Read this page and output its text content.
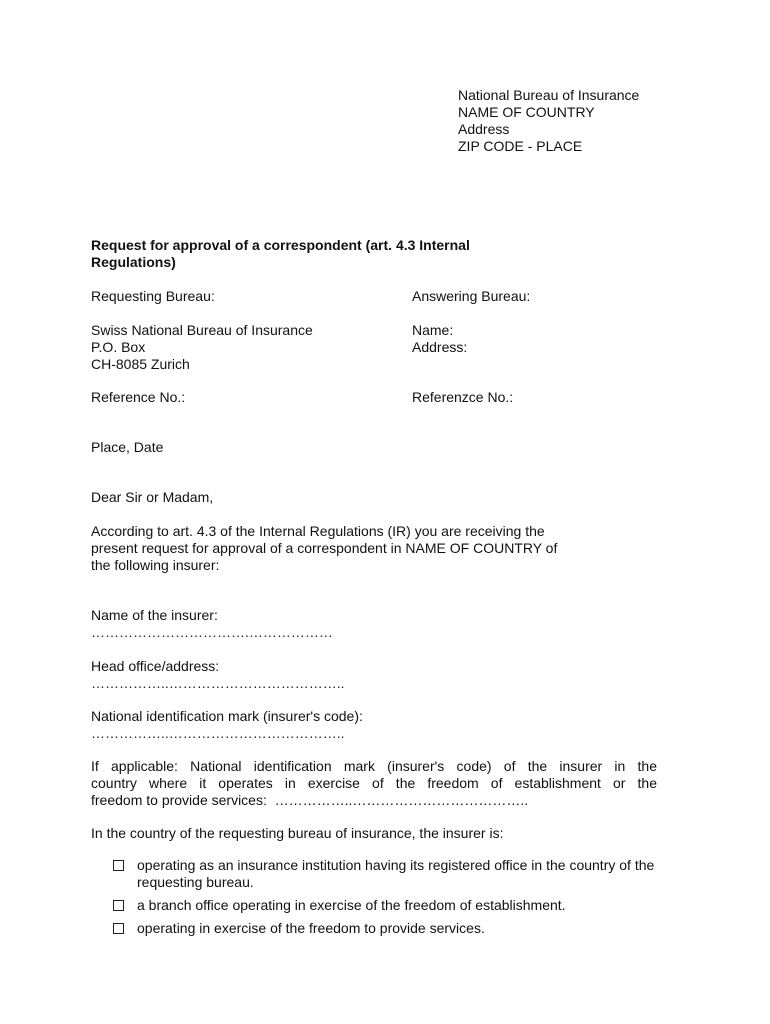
National Bureau of Insurance
NAME OF COUNTRY
Address
ZIP CODE - PLACE
Request for approval of a correspondent (art. 4.3 Internal
Regulations)
Requesting Bureau:	Answering Bureau:
Swiss National Bureau of Insurance
P.O. Box
CH-8085 Zurich
Name:
Address:
Reference No.:	Referenzce No.:
Place, Date
Dear Sir or Madam,
According to art. 4.3 of the Internal Regulations (IR) you are receiving the
present request for approval of a correspondent in NAME OF COUNTRY of
the following insurer:
Name of the insurer:
…………………………….………………
Head office/address:
……………..………………………………..
National identification mark (insurer's code):
……………..………………………………..
If applicable: National identification mark (insurer's code) of the insurer in the
country where it operates in exercise of the freedom of establishment or the
freedom to provide services: ……………..………………………………..
In the country of the requesting bureau of insurance, the insurer is:
operating as an insurance institution having its registered office in the country of the
requesting bureau.
a branch office operating in exercise of the freedom of establishment.
operating in exercise of the freedom to provide services.
